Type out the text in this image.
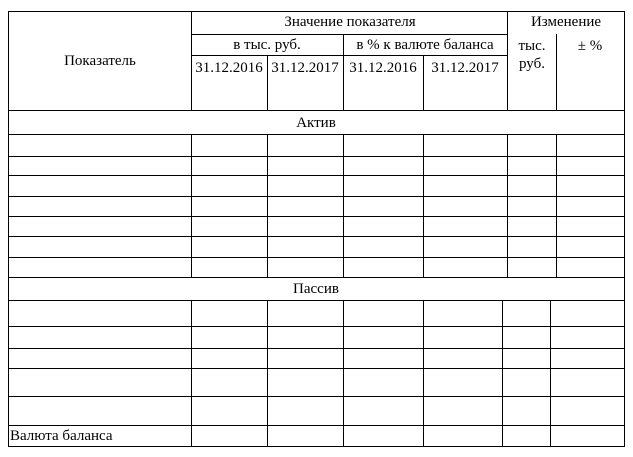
Показатель
Значение показателя	Изменение
в тыс. руб.	в % к валюте баланса тыс.
руб.
± %
31.12.2016 31.12.2017 31.12.2016 31.12.2017
Актив
Пассив
Валюта баланса
